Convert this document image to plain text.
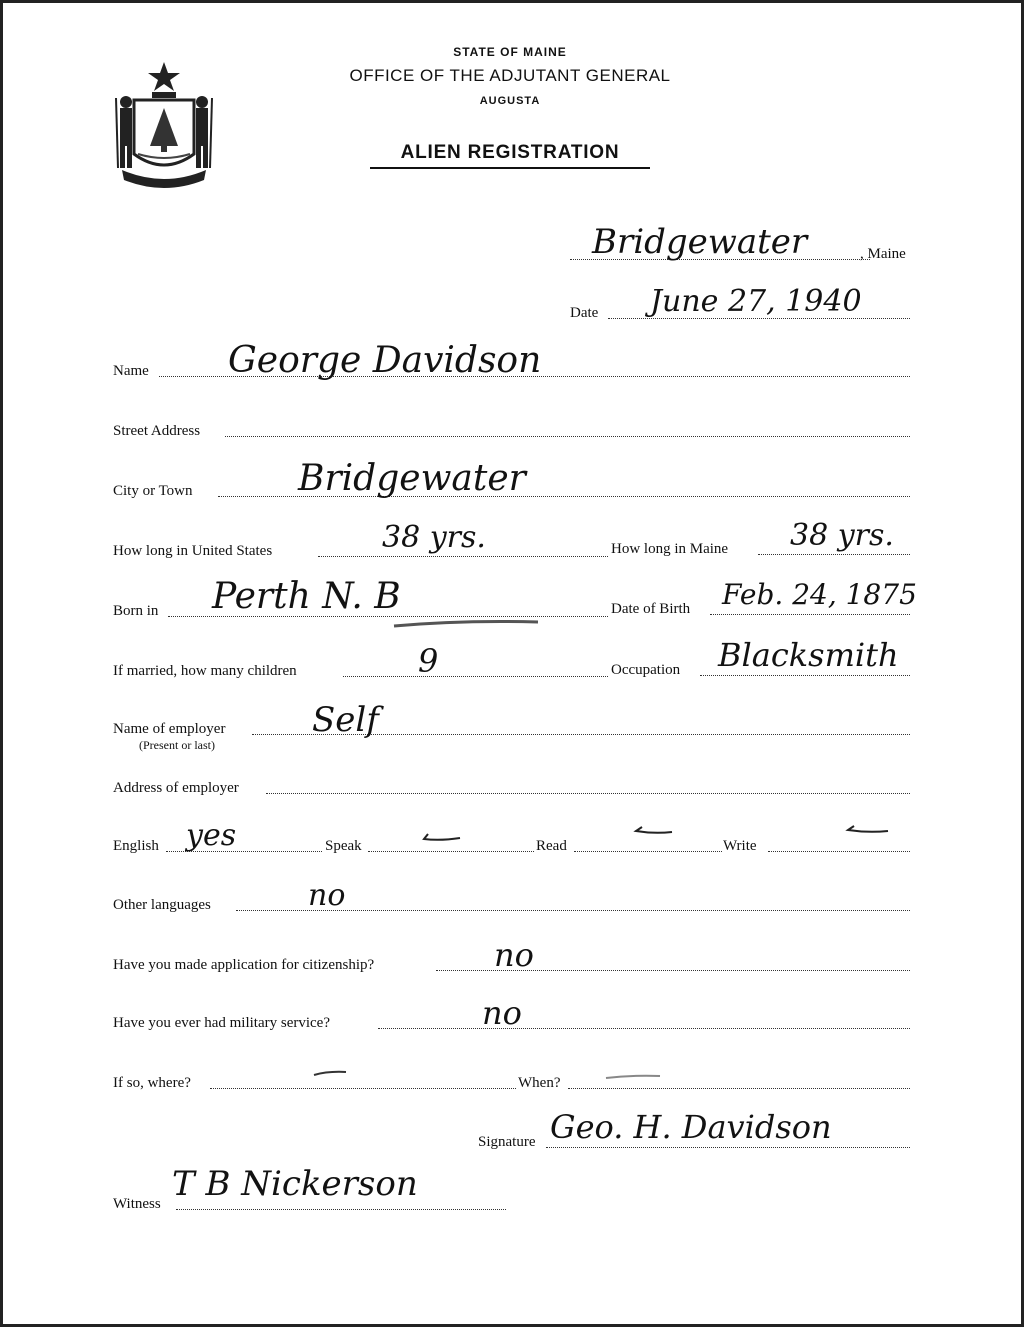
STATE OF MAINE
OFFICE OF THE ADJUTANT GENERAL
AUGUSTA
ALIEN REGISTRATION
Bridgewater	, Maine
Date June 27, 1940
Name George Davidson
Street Address
City or Town	Bridgewater
How long in United States	38 yrs.	How long in Maine 38 yrs.
Born in Perth N. B	Date of Birth Feb. 24, 1875
If married, how many children	9	Occupation Blacksmith
Name of employer
(Present or last)
Self
Address of employer
English yes	Speak	Read	Write
Other languages	no
Have you made application for citizenship?	no
Have you ever had military service?	no
If so, where?	When?
Signature Geo. H. Davidson
Witness T B Nickerson
